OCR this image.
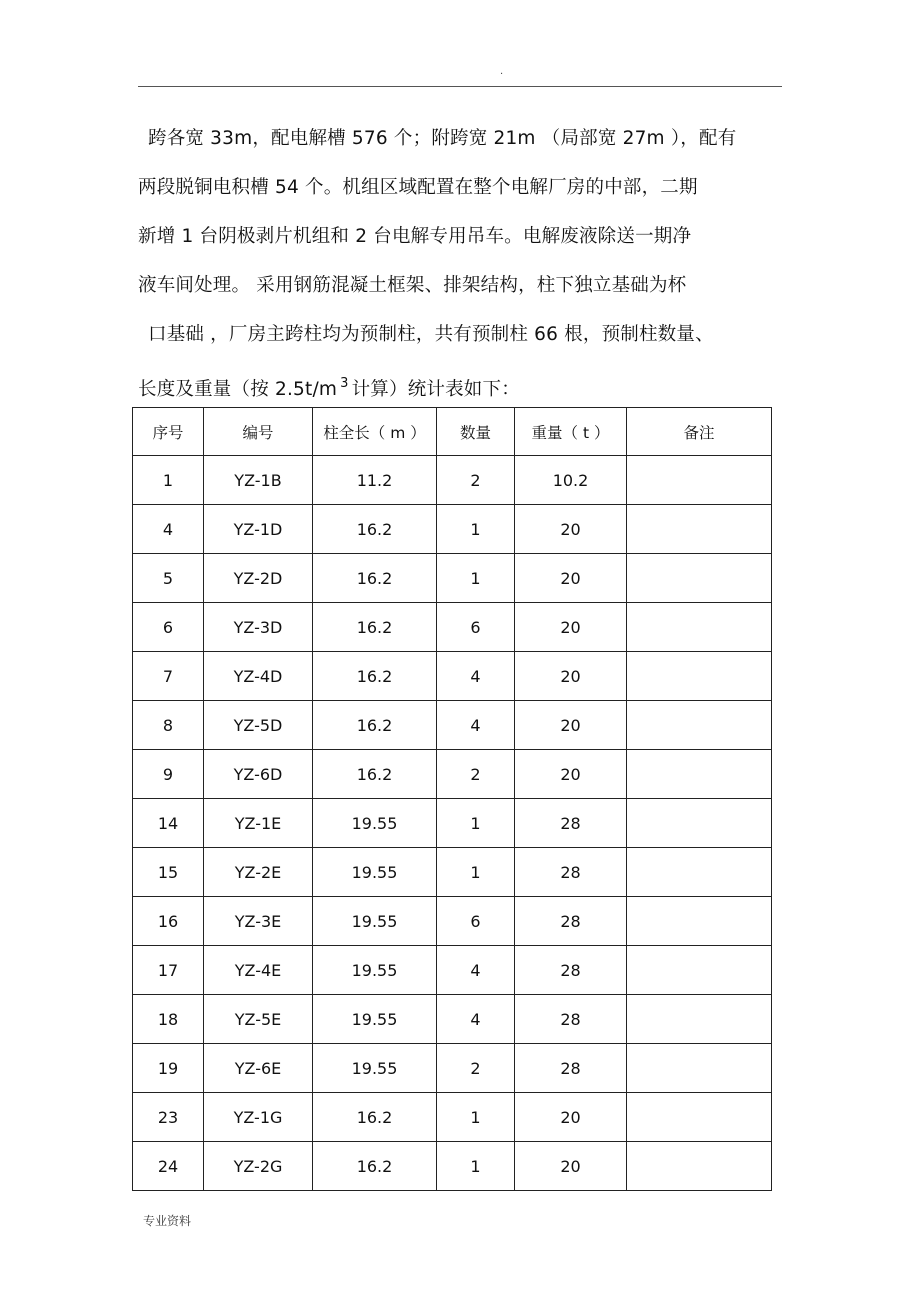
.
跨各宽 33m，配电解槽 576 个；附跨宽 21m （局部宽 27m ），配有
两段脱铜电积槽 54 个。机组区域配置在整个电解厂房的中部，二期
新增 1 台阴极剥片机组和 2 台电解专用吊车。电解废液除送一期净
液车间处理。 采用钢筋混凝土框架、排架结构，柱下独立基础为杯
口基础 ，厂房主跨柱均为预制柱，共有预制柱 66 根，预制柱数量、
长度及重量（按 2.5t/m $^3$ 计算）统计表如下：
序号	编号	柱全长（ m ）	数量	重量（ t ）	备注
1	YZ-1B	11.2	2	10.2	
4	YZ-1D	16.2	1	20	
5	YZ-2D	16.2	1	20	
6	YZ-3D	16.2	6	20	
7	YZ-4D	16.2	4	20	
8	YZ-5D	16.2	4	20	
9	YZ-6D	16.2	2	20	
14	YZ-1E	19.55	1	28	
15	YZ-2E	19.55	1	28	
16	YZ-3E	19.55	6	28	
17	YZ-4E	19.55	4	28	
18	YZ-5E	19.55	4	28	
19	YZ-6E	19.55	2	28	
23	YZ-1G	16.2	1	20	
24	YZ-2G	16.2	1	20	
专业资料
